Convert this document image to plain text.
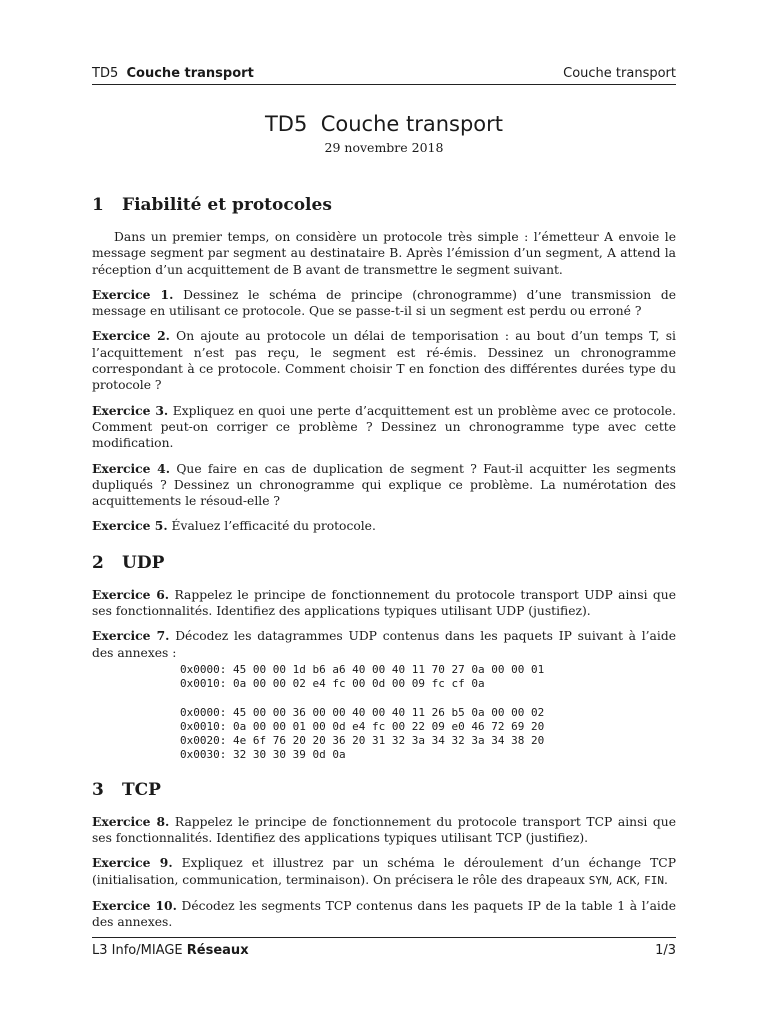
TD5 Couche transport	Couche transport
TD5 Couche transport
29 novembre 2018
1 Fiabilité et protocoles

Dans un premier temps, on considère un protocole très simple : l’émetteur A envoie le message segment par segment au destinataire B. Après l’émission d’un segment, A attend la réception d’un acquittement de B avant de transmettre le segment suivant.

Exercice 1. Dessinez le schéma de principe (chronogramme) d’une transmission de message en utilisant ce protocole. Que se passe-t-il si un segment est perdu ou erroné ?

Exercice 2. On ajoute au protocole un délai de temporisation : au bout d’un temps T, si l’acquittement n’est pas reçu, le segment est ré-émis. Dessinez un chronogramme correspondant à ce protocole. Comment choisir T en fonction des différentes durées type du protocole ?

Exercice 3. Expliquez en quoi une perte d’acquittement est un problème avec ce protocole. Comment peut-on corriger ce problème ? Dessinez un chronogramme type avec cette modification.

Exercice 4. Que faire en cas de duplication de segment ? Faut-il acquitter les segments dupliqués ? Dessinez un chronogramme qui explique ce problème. La numérotation des acquittements le résoud-elle ?

Exercice 5. Évaluez l’efficacité du protocole.

2 UDP

Exercice 6. Rappelez le principe de fonctionnement du protocole transport UDP ainsi que ses fonctionnalités. Identifiez des applications typiques utilisant UDP (justifiez).

Exercice 7. Décodez les datagrammes UDP contenus dans les paquets IP suivant à l’aide des annexes :

0x0000: 45 00 00 1d b6 a6 40 00 40 11 70 27 0a 00 00 01
0x0010: 0a 00 00 02 e4 fc 00 0d 00 09 fc cf 0a
0x0000: 45 00 00 36 00 00 40 00 40 11 26 b5 0a 00 00 02
0x0010: 0a 00 00 01 00 0d e4 fc 00 22 09 e0 46 72 69 20
0x0020: 4e 6f 76 20 20 36 20 31 32 3a 34 32 3a 34 38 20
0x0030: 32 30 30 39 0d 0a
3 TCP

Exercice 8. Rappelez le principe de fonctionnement du protocole transport TCP ainsi que ses fonctionnalités. Identifiez des applications typiques utilisant TCP (justifiez).

Exercice 9. Expliquez et illustrez par un schéma le déroulement d’un échange TCP (initialisation, communication, terminaison). On précisera le rôle des drapeaux SYN, ACK, FIN.

Exercice 10. Décodez les segments TCP contenus dans les paquets IP de la table 1 à l’aide des annexes.

L3 Info/MIAGE Réseaux	1/3
